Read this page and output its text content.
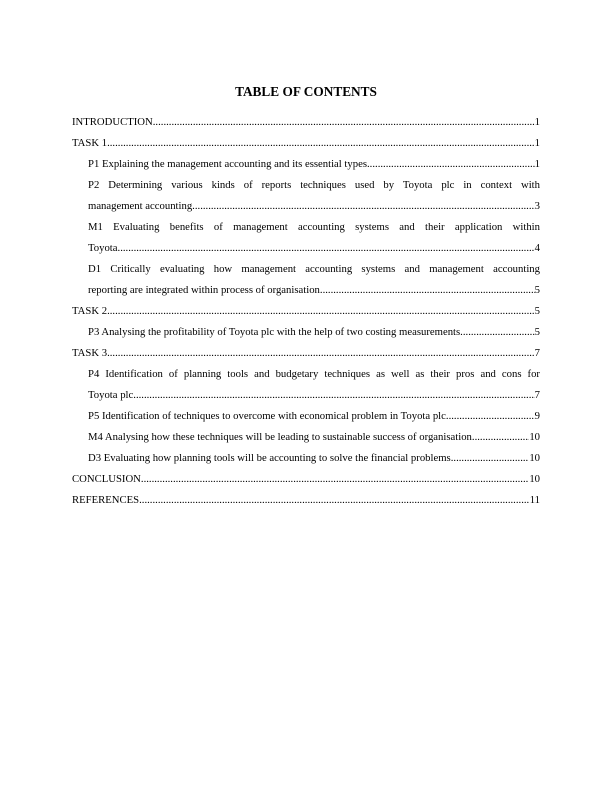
TABLE OF CONTENTS
INTRODUCTION .....	1
TASK 1 .....	1
P1 Explaining the management accounting and its essential types .....	1
P2 Determining various kinds of reports techniques used by Toyota plc in context with
management accounting .....	3
M1 Evaluating benefits of management accounting systems and their application within
Toyota .....	4
D1 Critically evaluating how management accounting systems and management accounting
reporting are integrated within process of organisation .....	5
TASK 2 .....	5
P3 Analysing the profitability of Toyota plc with the help of two costing measurements .....	5
TASK 3 .....	7
P4 Identification of planning tools and budgetary techniques as well as their pros and cons for
Toyota plc .....	7
P5 Identification of techniques to overcome with economical problem in Toyota plc .....	9
M4 Analysing how these techniques will be leading to sustainable success of organisation .....	10
D3 Evaluating how planning tools will be accounting to solve the financial problems .....	10
CONCLUSION .....	10
REFERENCES .....	11
